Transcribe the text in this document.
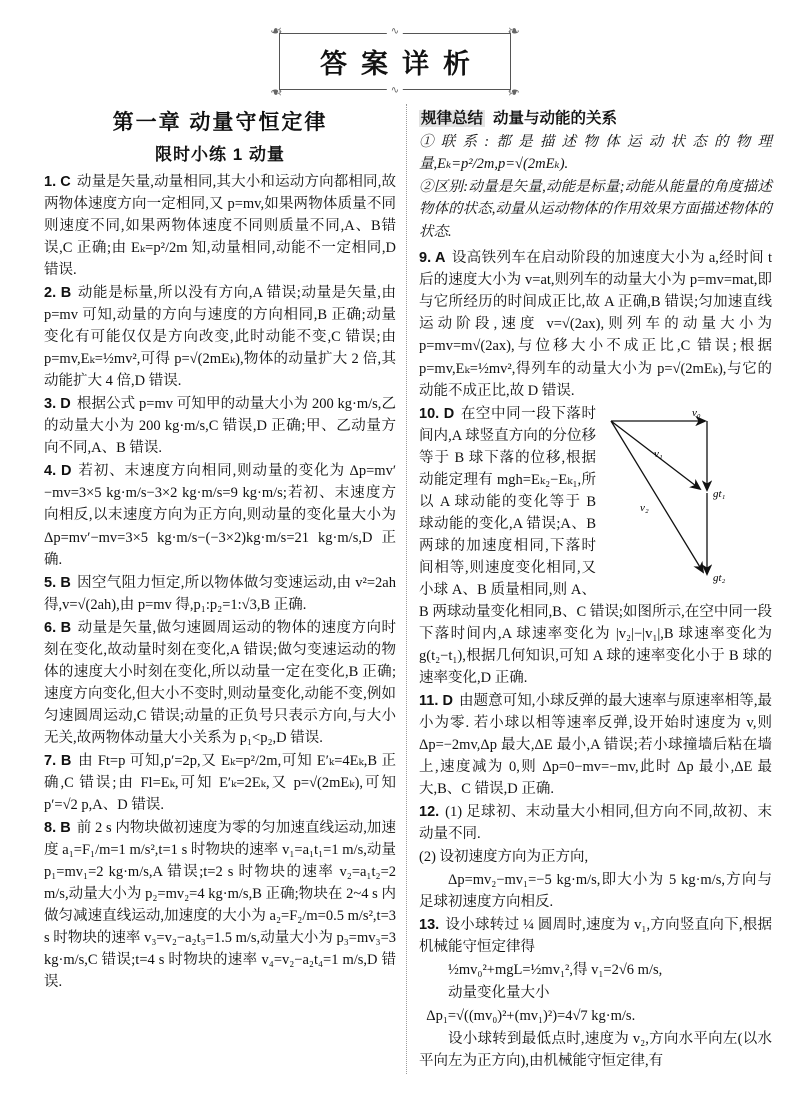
❧	❧
❧	❧
∿
∿
答案详析
第一章 动量守恒定律
限时小练 1 动量

1. C 动量是矢量,动量相同,其大小和运动方向都相同,故两物体速度方向一定相同,又 p=mv,如果两物体质量不同则速度不同,如果两物体速度不同则质量不同,A、B错误,C 正确;由 Eₖ=p²/2m 知,动量相同,动能不一定相同,D 错误.

2. B 动能是标量,所以没有方向,A 错误;动量是矢量,由 p=mv 可知,动量的方向与速度的方向相同,B 正确;动量变化有可能仅仅是方向改变,此时动能不变,C 错误;由 p=mv,Eₖ=½mv²,可得 p=√(2mEₖ),物体的动量扩大 2 倍,其动能扩大 4 倍,D 错误.

3. D 根据公式 p=mv 可知甲的动量大小为 200 kg·m/s,乙的动量大小为 200 kg·m/s,C 错误,D 正确;甲、乙动量方向不同,A、B 错误.

4. D 若初、末速度方向相同,则动量的变化为 Δp=mv′−mv=3×5 kg·m/s−3×2 kg·m/s=9 kg·m/s;若初、末速度方向相反,以末速度方向为正方向,则动量的变化量大小为 Δp=mv′−mv=3×5 kg·m/s−(−3×2)kg·m/s=21 kg·m/s,D 正确.

5. B 因空气阻力恒定,所以物体做匀变速运动,由 v²=2ah 得,v=√(2ah),由 p=mv 得,p₁:p₂=1:√3,B 正确.

6. B 动量是矢量,做匀速圆周运动的物体的速度方向时刻在变化,故动量时刻在变化,A 错误;做匀变速运动的物体的速度大小时刻在变化,所以动量一定在变化,B 正确;速度方向变化,但大小不变时,则动量变化,动能不变,例如匀速圆周运动,C 错误;动量的正负号只表示方向,与大小无关,故两物体动量大小关系为 p₁<p₂,D 错误.

7. B 由 Ft=p 可知,p′=2p,又 Eₖ=p²/2m,可知 E′ₖ=4Eₖ,B 正确,C 错误;由 Fl=Eₖ,可知 E′ₖ=2Eₖ,又 p=√(2mEₖ),可知 p′=√2 p,A、D 错误.

8. B 前 2 s 内物块做初速度为零的匀加速直线运动,加速度 a₁=F₁/m=1 m/s²,t=1 s 时物块的速率 v₁=a₁t₁=1 m/s,动量 p₁=mv₁=2 kg·m/s,A 错误;t=2 s 时物块的速率 v₂=a₁t₂=2 m/s,动量大小为 p₂=mv₂=4 kg·m/s,B 正确;物块在 2~4 s 内做匀减速直线运动,加速度的大小为 a₂=F₂/m=0.5 m/s²,t=3 s 时物块的速率 v₃=v₂−a₂t₃=1.5 m/s,动量大小为 p₃=mv₃=3 kg·m/s,C 错误;t=4 s 时物块的速率 v₄=v₂−a₂t₄=1 m/s,D 错误.

规律总结 动量与动能的关系

①联系:都是描述物体运动状态的物理量,Eₖ=p²/2m,p=√(2mEₖ).

②区别:动量是矢量,动能是标量;动能从能量的角度描述物体的状态,动量从运动物体的作用效果方面描述物体的状态.

9. A 设高铁列车在启动阶段的加速度大小为 a,经时间 t 后的速度大小为 v=at,则列车的动量大小为 p=mv=mat,即与它所经历的时间成正比,故 A 正确,B 错误;匀加速直线运动阶段,速度 v=√(2ax),则列车的动量大小为 p=mv=m√(2ax),与位移大小不成正比,C 错误;根据 p=mv,Eₖ=½mv²,得列车的动量大小为 p=√(2mEₖ),与它的动能不成正比,故 D 错误.

v₀
v₁
v₂
gt₁
gt₂
10. D 在空中同一段下落时间内,A 球竖直方向的分位移等于 B 球下落的位移,根据动能定理有 mgh=Eₖ₂−Eₖ₁,所以 A 球动能的变化等于 B 球动能的变化,A 错误;A、B 两球的加速度相同,下落时间相等,则速度变化相同,又小球 A、B 质量相同,则 A、B 两球动量变化相同,B、C 错误;如图所示,在空中同一段下落时间内,A 球速率变化为 |v₂|−|v₁|,B 球速率变化为 g(t₂−t₁),根据几何知识,可知 A 球的速率变化小于 B 球的速率变化,D 正确.

11. D 由题意可知,小球反弹的最大速率与原速率相等,最小为零. 若小球以相等速率反弹,设开始时速度为 v,则 Δp=−2mv,Δp 最大,ΔE 最小,A 错误;若小球撞墙后粘在墙上,速度减为 0,则 Δp=0−mv=−mv,此时 Δp 最小,ΔE 最大,B、C 错误,D 正确.

12. (1) 足球初、末动量大小相同,但方向不同,故初、末动量不同.

(2) 设初速度方向为正方向,

Δp=mv₂−mv₁=−5 kg·m/s,即大小为 5 kg·m/s,方向与足球初速度方向相反.

13. 设小球转过 ¼ 圆周时,速度为 v₁,方向竖直向下,根据机械能守恒定律得

½mv₀²+mgL=½mv₁²,得 v₁=2√6 m/s,

动量变化量大小

Δp₁=√((mv₀)²+(mv₁)²)=4√7 kg·m/s.

设小球转到最低点时,速度为 v₂,方向水平向左(以水平向左为正方向),由机械能守恒定律,有
